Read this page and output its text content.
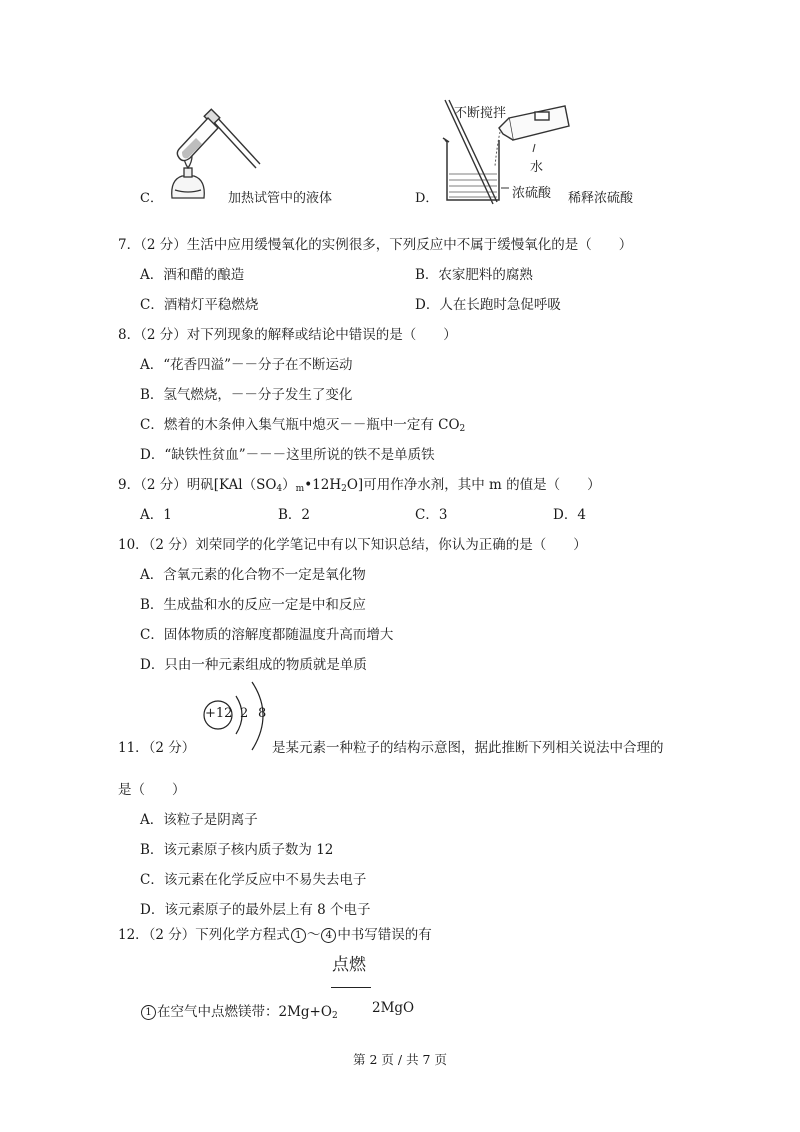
C．	加热试管中的液体
不断搅拌
水
浓硫酸
D．	稀释浓硫酸
7．（2 分）生活中应用缓慢氧化的实例很多，下列反应中不属于缓慢氧化的是（　　）
A．酒和醋的酿造	B．农家肥料的腐熟
C．酒精灯平稳燃烧	D．人在长跑时急促呼吸
8．（2 分）对下列现象的解释或结论中错误的是（　　）
A．“花香四溢”－－分子在不断运动
B．氢气燃烧，－－分子发生了变化
C．燃着的木条伸入集气瓶中熄灭－－瓶中一定有 $CO_2$
D．“缺铁性贫血”－－－这里所说的铁不是单质铁
9．（2 分）明矾$[KAl(SO_4)_m•12H_2O]$可用作净水剂，其中 m 的值是（　　）
A．1	B．2	C．3	D．4
10．（2 分）刘荣同学的化学笔记中有以下知识总结，你认为正确的是（　　）
A．含氧元素的化合物不一定是氧化物
B．生成盐和水的反应一定是中和反应
C．固体物质的溶解度都随温度升高而增大
D．只由一种元素组成的物质就是单质
+12 2 8
11．（2 分）	是某元素一种粒子的结构示意图，据此推断下列相关说法中合理的
是（　　）
A．该粒子是阴离子
B．该元素原子核内质子数为 12
C．该元素在化学反应中不易失去电子
D．该元素原子的最外层上有 8 个电子
12．（2 分）下列化学方程式 1 ～ 4 中书写错误的有
点燃
1 在空气中点燃镁带：$2Mg+O_2$	2MgO
第 2 页 / 共 7 页
